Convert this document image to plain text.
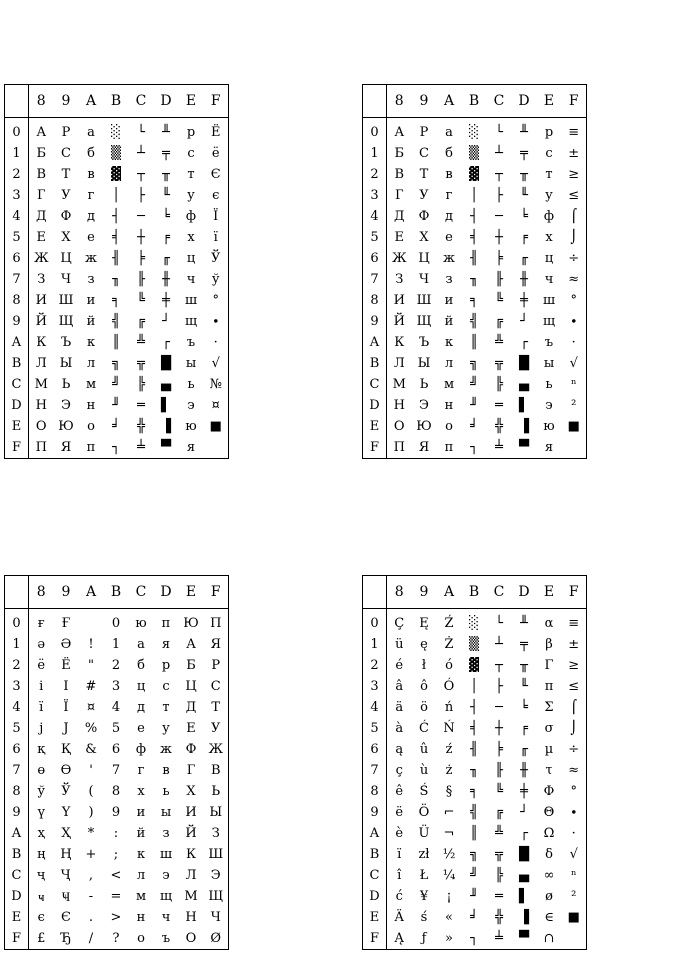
	8	9	A	B	C	D	E	F
0	А	Р	а	░	└	╨	р	Ё
1	Б	С	б	▒	┴	╤	с	ё
2	В	Т	в	▓	┬	╥	т	Є
3	Г	У	г	│	├	╙	у	є
4	Д	Ф	д	┤	─	╘	ф	Ї
5	Е	Х	е	╡	┼	╒	х	ї
6	Ж	Ц	ж	╢	╞	╓	ц	Ў
7	З	Ч	з	╖	╟	╫	ч	ў
8	И	Ш	и	╕	╚	╪	ш	°
9	Й	Щ	й	╣	╔	┘	щ	∙
A	К	Ъ	к	║	╩	┌	ъ	·
B	Л	Ы	л	╗	╦	█	ы	√
C	М	Ь	м	╝	╠	▄	ь	№
D	Н	Э	н	╜	═	▌	э	¤
E	О	Ю	о	╛	╬	▐	ю	■
F	П	Я	п	┐	╧	▀	я	
	8	9	A	B	C	D	E	F
0	А	Р	а	░	└	╨	р	≡
1	Б	С	б	▒	┴	╤	с	±
2	В	Т	в	▓	┬	╥	т	≥
3	Г	У	г	│	├	╙	у	≤
4	Д	Ф	д	┤	─	╘	ф	⌠
5	Е	Х	е	╡	┼	╒	х	⌡
6	Ж	Ц	ж	╢	╞	╓	ц	÷
7	З	Ч	з	╖	╟	╫	ч	≈
8	И	Ш	и	╕	╚	╪	ш	°
9	Й	Щ	й	╣	╔	┘	щ	∙
A	К	Ъ	к	║	╩	┌	ъ	·
B	Л	Ы	л	╗	╦	█	ы	√
C	М	Ь	м	╝	╠	▄	ь	ⁿ
D	Н	Э	н	╜	═	▌	э	²
E	О	Ю	о	╛	╬	▐	ю	■
F	П	Я	п	┐	╧	▀	я	
	8	9	A	B	C	D	E	F
0	ғ	Ғ		0	ю	п	Ю	П
1	ә	Ә	!	1	а	я	А	Я
2	ё	Ё	"	2	б	р	Б	Р
3	і	І	#	3	ц	с	Ц	С
4	ї	Ї	¤	4	д	т	Д	Т
5	ј	Ј	%	5	е	у	Е	У
6	қ	Қ	&	6	ф	ж	Ф	Ж
7	ө	Ө	'	7	г	в	Г	В
8	ў	Ў	(	8	х	ь	Х	Ь
9	ү	Ү	)	9	и	ы	И	Ы
A	ҳ	Ҳ	*	:	й	з	Й	З
B	ң	Ң	+	;	к	ш	К	Ш
C	ҷ	Ҷ	,	<	л	э	Л	Э
D	ҹ	Ҹ	-	=	м	щ	М	Щ
E	є	Є	.	>	н	ч	Н	Ч
F	£	Ђ	/	?	о	ъ	О	Ø
	8	9	A	B	C	D	E	F
0	Ç	Ę	Ź	░	└	╨	α	≡
1	ü	ę	Ż	▒	┴	╤	β	±
2	é	ł	ó	▓	┬	╥	Γ	≥
3	â	ô	Ó	│	├	╙	π	≤
4	ä	ö	ń	┤	─	╘	Σ	⌠
5	à	Ć	Ń	╡	┼	╒	σ	⌡
6	ą	û	ź	╢	╞	╓	µ	÷
7	ç	ù	ż	╖	╟	╫	τ	≈
8	ê	Ś	§	╕	╚	╪	Φ	°
9	ë	Ö	⌐	╣	╔	┘	Θ	∙
A	è	Ü	¬	║	╩	┌	Ω	·
B	ï	zł	½	╗	╦	█	δ	√
C	î	Ł	¼	╝	╠	▄	∞	ⁿ
D	ć	¥	¡	╜	═	▌	ø	²
E	Ä	ś	«	╛	╬	▐	∈	■
F	Ą	ƒ	»	┐	╧	▀	∩	
